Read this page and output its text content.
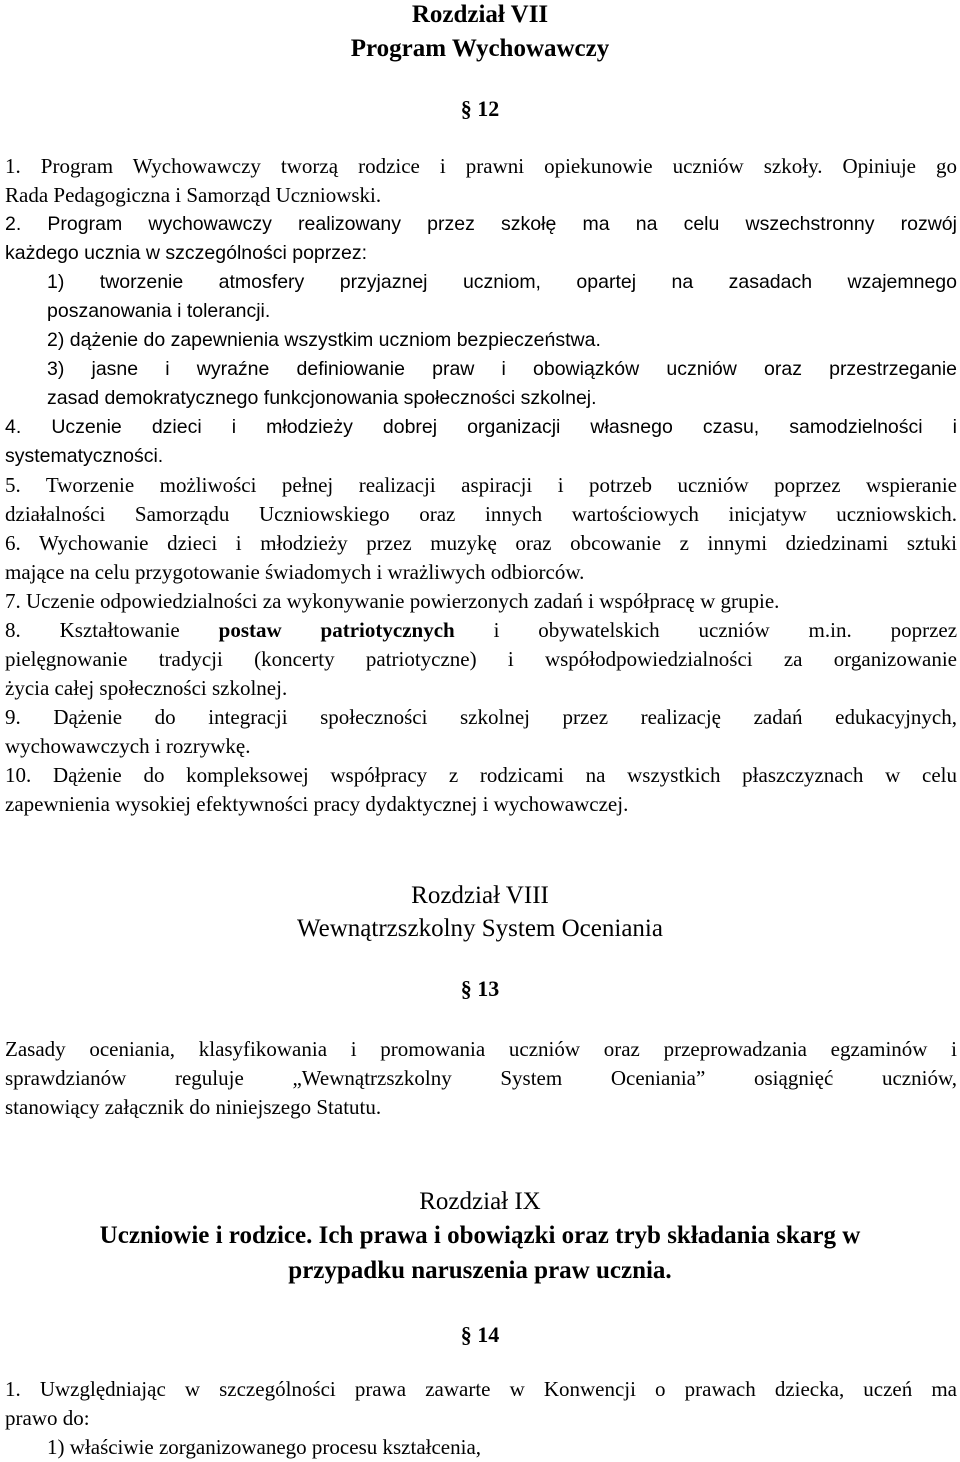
Rozdział VII
Program Wychowawczy
§ 12
1. Program Wychowawczy tworzą rodzice i prawni opiekunowie uczniów szkoły. Opiniuje go
Rada Pedagogiczna i Samorząd Uczniowski.
2. Program wychowawczy realizowany przez szkołę ma na celu wszechstronny rozwój
każdego ucznia w szczególności poprzez:
1) tworzenie atmosfery przyjaznej uczniom, opartej na zasadach wzajemnego
poszanowania i tolerancji.
2) dążenie do zapewnienia wszystkim uczniom bezpieczeństwa.
3) jasne i wyraźne definiowanie praw i obowiązków uczniów oraz przestrzeganie
zasad demokratycznego funkcjonowania społeczności szkolnej.
4. Uczenie dzieci i młodzieży dobrej organizacji własnego czasu, samodzielności i
systematyczności.
5. Tworzenie możliwości pełnej realizacji aspiracji i potrzeb uczniów poprzez wspieranie
działalności Samorządu Uczniowskiego oraz innych wartościowych inicjatyw uczniowskich.
6. Wychowanie dzieci i młodzieży przez muzykę oraz obcowanie z innymi dziedzinami sztuki
mające na celu przygotowanie świadomych i wrażliwych odbiorców.
7. Uczenie odpowiedzialności za wykonywanie powierzonych zadań i współpracę w grupie.
8. Kształtowanie postaw patriotycznych i obywatelskich uczniów m.in. poprzez
pielęgnowanie tradycji (koncerty patriotyczne) i współodpowiedzialności za organizowanie
życia całej społeczności szkolnej.
9. Dążenie do integracji społeczności szkolnej przez realizację zadań edukacyjnych,
wychowawczych i rozrywkę.
10. Dążenie do kompleksowej współpracy z rodzicami na wszystkich płaszczyznach w celu
zapewnienia wysokiej efektywności pracy dydaktycznej i wychowawczej.
Rozdział VIII
Wewnątrzszkolny System Oceniania
§ 13
Zasady oceniania, klasyfikowania i promowania uczniów oraz przeprowadzania egzaminów i
sprawdzianów reguluje „Wewnątrzszkolny System Oceniania” osiągnięć uczniów,
stanowiący załącznik do niniejszego Statutu.
Rozdział IX
Uczniowie i rodzice. Ich prawa i obowiązki oraz tryb składania skarg w
przypadku naruszenia praw ucznia.
§ 14
1. Uwzględniając w szczególności prawa zawarte w Konwencji o prawach dziecka, uczeń ma
prawo do:
1) właściwie zorganizowanego procesu kształcenia,
